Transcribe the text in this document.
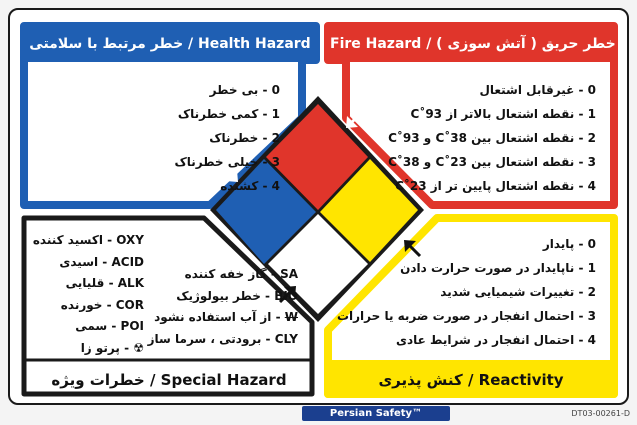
خطر مرتبط با سلامتی / Health Hazard Fire Hazard / ( آتش سوزی ) خطر حریق
کنش پذیری / Reactivity
خطرات ویژه / Special Hazard
0 - بی خطر
1 - کمی خطرناک
2 - خطرناک
3 - خیلی خطرناک
4 - کشنده
0 - غیرقابل اشتعال
1 - نقطه اشتعال بالاتر از 93˚C
2 - نقطه اشتعال بین 38˚C و 93˚C
3 - نقطه اشتعال بین 23˚C و 38˚C
4 - نقطه اشتعال پایین تر از 23˚C
0 - پایدار
1 - ناپایدار در صورت حرارت دادن
2 - تغییرات شیمیایی شدید
3 - احتمال انفجار در صورت ضربه یا حرارات
4 - احتمال انفجار در شرایط عادی
OXY - اکسید کننده
ACID - اسیدی
ALK - قلیایی
COR - خورنده
POI - سمی
☢ - پرتو زا
SA - گاز خفه کننده
BIO - خطر بیولوژیک
W - از آب استفاده نشود
CLY - برودتی ، سرما ساز
Persian Safety™	DT03-00261-D
